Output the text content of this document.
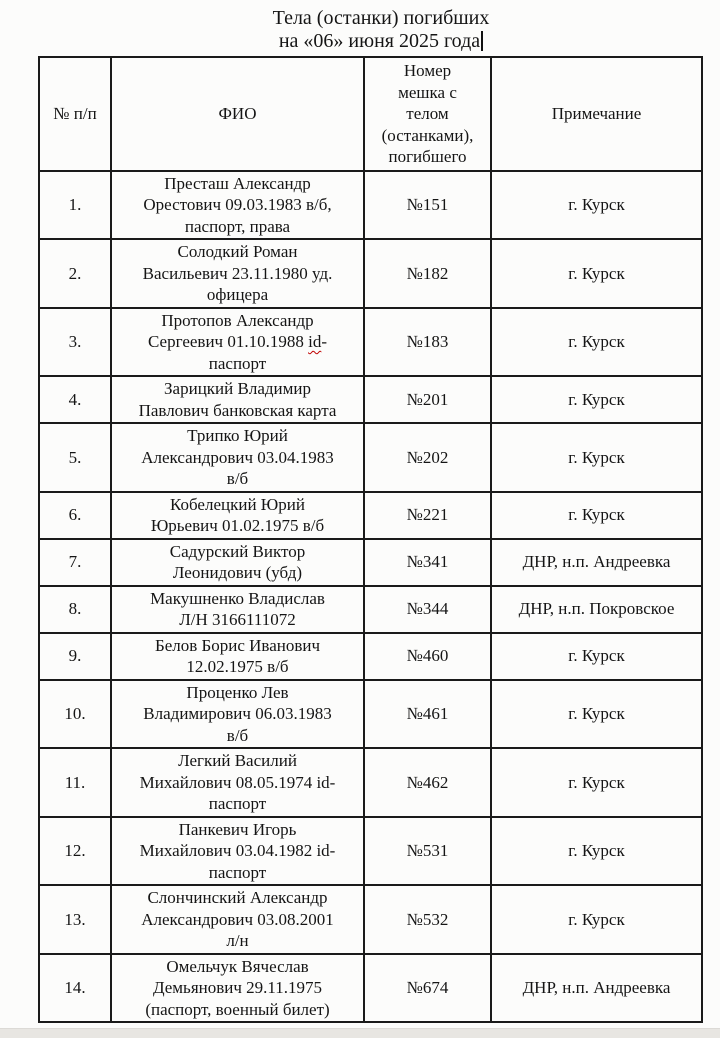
Тела (останки) погибших
на «06» июня 2025 года
№ п/п	ФИО	Номер
мешка с
телом
(останками),
погибшего	Примечание
1.	Престаш Александр
Орестович 09.03.1983 в/б,
паспорт, права	№151	г. Курск
2.	Солодкий Роман
Васильевич 23.11.1980 уд.
офицера	№182	г. Курск
3.	Протопов Александр
Сергеевич 01.10.1988 id-
паспорт	№183	г. Курск
4.	Зарицкий Владимир
Павлович банковская карта	№201	г. Курск
5.	Трипко Юрий
Александрович 03.04.1983
в/б	№202	г. Курск
6.	Кобелецкий Юрий
Юрьевич 01.02.1975 в/б	№221	г. Курск
7.	Садурский Виктор
Леонидович (убд)	№341	ДНР, н.п. Андреевка
8.	Макушненко Владислав
Л/Н 3166111072	№344	ДНР, н.п. Покровское
9.	Белов Борис Иванович
12.02.1975 в/б	№460	г. Курск
10.	Проценко Лев
Владимирович 06.03.1983
в/б	№461	г. Курск
11.	Легкий Василий
Михайлович 08.05.1974 id-
паспорт	№462	г. Курск
12.	Панкевич Игорь
Михайлович 03.04.1982 id-
паспорт	№531	г. Курск
13.	Слончинский Александр
Александрович 03.08.2001
л/н	№532	г. Курск
14.	Омельчук Вячеслав
Демьянович 29.11.1975
(паспорт, военный билет)	№674	ДНР, н.п. Андреевка
